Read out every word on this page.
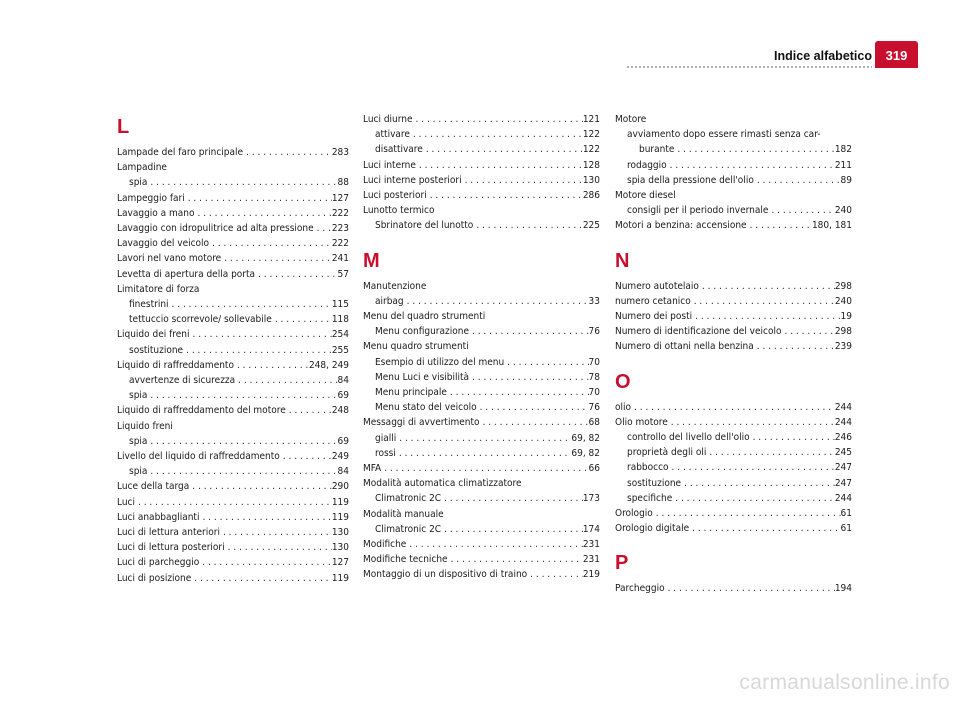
Indice alfabetico	319
L
Lampade del faro principale . . .	283
Lampadine
spia . . .	88
Lampeggio fari . . .	127
Lavaggio a mano . . .	222
Lavaggio con idropulitrice ad alta pressione . . . 223
Lavaggio del veicolo . . .	222
Lavori nel vano motore . . .	241
Levetta di apertura della porta . . .	57
Limitatore di forza
finestrini . . .	115
tettuccio scorrevole/ sollevabile . . .	118
Liquido dei freni . . .	254
sostituzione . . .	255
Liquido di raffreddamento . . .	248, 249
avvertenze di sicurezza . . .	84
spia . . .	69
Liquido di raffreddamento del motore . . .	248
Liquido freni
spia . . .	69
Livello del liquido di raffreddamento . . .	249
spia . . .	84
Luce della targa . . .	290
Luci . . .	119
Luci anabbaglianti . . .	119
Luci di lettura anteriori . . .	130
Luci di lettura posteriori . . .	130
Luci di parcheggio . . .	127
Luci di posizione . . .	119
Luci diurne . . .	121
attivare . . .	122
disattivare . . .	122
Luci interne . . .	128
Luci interne posteriori . . .	130
Luci posteriori . . .	286
Lunotto termico
Sbrinatore del lunotto . . .	225
M
Manutenzione
airbag . . .	33
Menu del quadro strumenti
Menu configurazione . . .	76
Menu quadro strumenti
Esempio di utilizzo del menu . . .	70
Menu Luci e visibilità . . .	78
Menu principale . . .	70
Menu stato del veicolo . . .	76
Messaggi di avvertimento . . .	68
gialli . . .	69, 82
rossi . . .	69, 82
MFA . . .	66
Modalità automatica climatizzatore
Climatronic 2C . . .	173
Modalità manuale
Climatronic 2C . . .	174
Modifiche . . .	231
Modifiche tecniche . . .	231
Montaggio di un dispositivo di traino . . .	219
Motore
avviamento dopo essere rimasti senza car-
burante . . .	182
rodaggio . . .	211
spia della pressione dell'olio . . .	89
Motore diesel
consigli per il periodo invernale . . .	240
Motori a benzina: accensione . . .	180, 181
N
Numero autotelaio . . .	298
numero cetanico . . .	240
Numero dei posti . . .	19
Numero di identificazione del veicolo . . .	298
Numero di ottani nella benzina . . .	239
O
olio . . .	244
Olio motore . . .	244
controllo del livello dell'olio . . .	246
proprietà degli oli . . .	245
rabbocco . . .	247
sostituzione . . .	247
specifiche . . .	244
Orologio . . .	61
Orologio digitale . . .	61
P
Parcheggio . . .	194
carmanualsonline.info
